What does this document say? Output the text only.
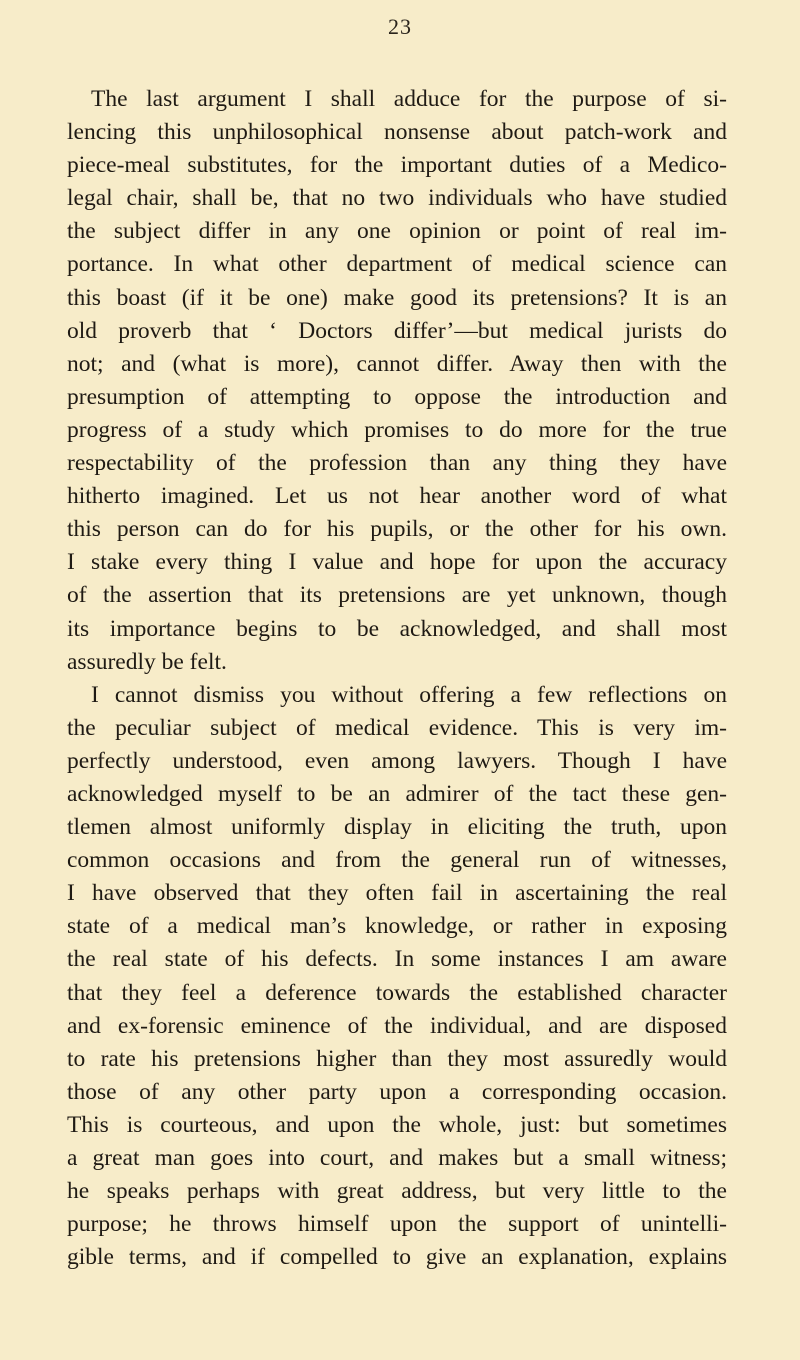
23
The last argument I shall adduce for the purpose of si-
lencing this unphilosophical nonsense about patch-work and
piece-meal substitutes, for the important duties of a Medico-
legal chair, shall be, that no two individuals who have studied
the subject differ in any one opinion or point of real im-
portance. In what other department of medical science can
this boast (if it be one) make good its pretensions? It is an
old proverb that ‘ Doctors differ’—but medical jurists do
not; and (what is more), cannot differ. Away then with the
presumption of attempting to oppose the introduction and
progress of a study which promises to do more for the true
respectability of the profession than any thing they have
hitherto imagined. Let us not hear another word of what
this person can do for his pupils, or the other for his own.
I stake every thing I value and hope for upon the accuracy
of the assertion that its pretensions are yet unknown, though
its importance begins to be acknowledged, and shall most
assuredly be felt.
I cannot dismiss you without offering a few reflections on
the peculiar subject of medical evidence. This is very im-
perfectly understood, even among lawyers. Though I have
acknowledged myself to be an admirer of the tact these gen-
tlemen almost uniformly display in eliciting the truth, upon
common occasions and from the general run of witnesses,
I have observed that they often fail in ascertaining the real
state of a medical man’s knowledge, or rather in exposing
the real state of his defects. In some instances I am aware
that they feel a deference towards the established character
and ex-forensic eminence of the individual, and are disposed
to rate his pretensions higher than they most assuredly would
those of any other party upon a corresponding occasion.
This is courteous, and upon the whole, just: but sometimes
a great man goes into court, and makes but a small witness;
he speaks perhaps with great address, but very little to the
purpose; he throws himself upon the support of unintelli-
gible terms, and if compelled to give an explanation, explains
